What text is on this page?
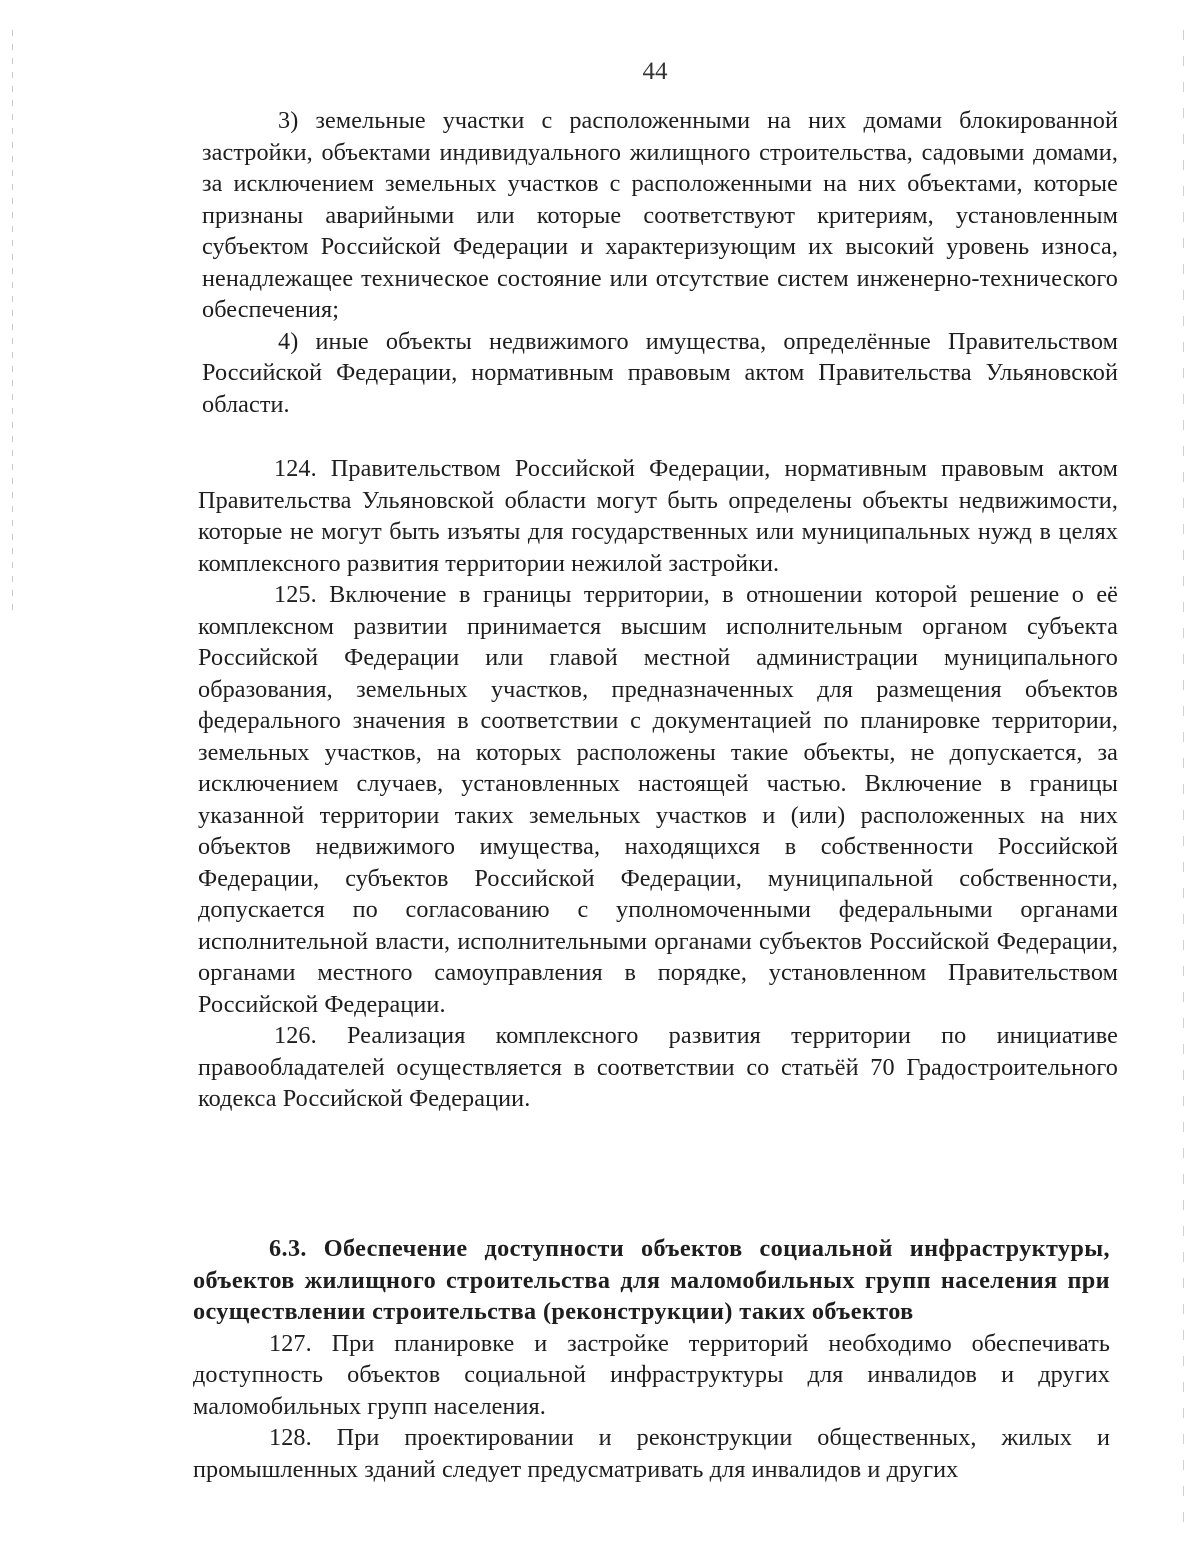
44

3) земельные участки с расположенными на них домами блокированной застройки, объектами индивидуального жилищного строительства, садовыми домами, за исключением земельных участков с расположенными на них объектами, которые признаны аварийными или которые соответствуют критериям, установленным субъектом Российской Федерации и характеризующим их высокий уровень износа, ненадлежащее техническое состояние или отсутствие систем инженерно-технического обеспечения;

4) иные объекты недвижимого имущества, определённые Правительством Российской Федерации, нормативным правовым актом Правительства Ульяновской области.

124. Правительством Российской Федерации, нормативным правовым актом Правительства Ульяновской области могут быть определены объекты недвижимости, которые не могут быть изъяты для государственных или муниципальных нужд в целях комплексного развития территории нежилой застройки.

125. Включение в границы территории, в отношении которой решение о её комплексном развитии принимается высшим исполнительным органом субъекта Российской Федерации или главой местной администрации муниципального образования, земельных участков, предназначенных для размещения объектов федерального значения в соответствии с документацией по планировке территории, земельных участков, на которых расположены такие объекты, не допускается, за исключением случаев, установленных настоящей частью. Включение в границы указанной территории таких земельных участков и (или) расположенных на них объектов недвижимого имущества, находящихся в собственности Российской Федерации, субъектов Российской Федерации, муниципальной собственности, допускается по согласованию с уполномоченными федеральными органами исполнительной власти, исполнительными органами субъектов Российской Федерации, органами местного самоуправления в порядке, установленном Правительством Российской Федерации.

126. Реализация комплексного развития территории по инициативе правообладателей осуществляется в соответствии со статьёй 70 Градостроительного кодекса Российской Федерации.

6.3. Обеспечение доступности объектов социальной инфраструктуры, объектов жилищного строительства для маломобильных групп населения при осуществлении строительства (реконструкции) таких объектов

127. При планировке и застройке территорий необходимо обеспечивать доступность объектов социальной инфраструктуры для инвалидов и других маломобильных групп населения.

128. При проектировании и реконструкции общественных, жилых и промышленных зданий следует предусматривать для инвалидов и других
